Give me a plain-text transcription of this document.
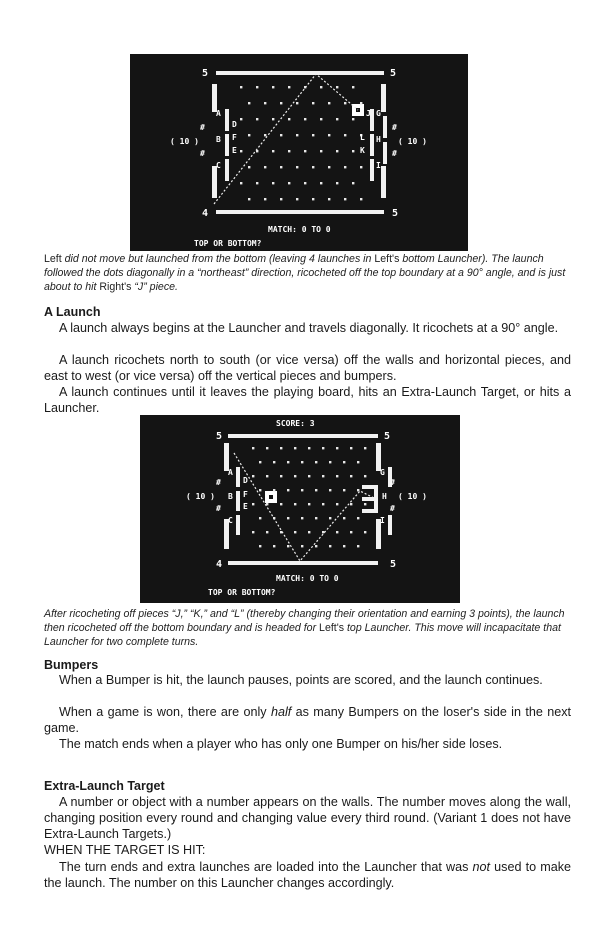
5	5
4	5
( 10 )	( 10 )
#
#
#
#
A
B
C
D
E
F
G
H
I
J
K
L
MATCH: 0 TO 0
TOP OR BOTTOM?
Left did not move but launched from the bottom (leaving 4 launches in Left's bottom Launcher). The launch followed the dots diagonally in a “northeast” direction, ricocheted off the top boundary at a 90° angle, and is just about to hit Right's “J” piece.
A Launch

A launch always begins at the Launcher and travels diagonally. It ricochets at a 90° angle.

A launch ricochets north to south (or vice versa) off the walls and horizontal pieces, and east to west (or vice versa) off the vertical pieces and bumpers.

A launch continues until it leaves the playing board, hits an Extra-Launch Target, or hits a Launcher.

SCORE: 3
5	5
4	5
( 10 )	( 10 )
#
#
#
#
A
B
C
D
E
F
G
H
I
MATCH: 0 TO 0
TOP OR BOTTOM?
After ricocheting off pieces “J,” “K,” and “L” (thereby changing their orientation and earning 3 points), the launch then ricocheted off the bottom boundary and is headed for Left's top Launcher. This move will incapacitate that Launcher for two complete turns.
Bumpers

When a Bumper is hit, the launch pauses, points are scored, and the launch continues.

When a game is won, there are only half as many Bumpers on the loser's side in the next game.

The match ends when a player who has only one Bumper on his/her side loses.

Extra-Launch Target

A number or object with a number appears on the walls. The number moves along the wall, changing position every round and changing value every third round. (Variant 1 does not have Extra-Launch Targets.)

WHEN THE TARGET IS HIT:

The turn ends and extra launches are loaded into the Launcher that was not used to make the launch. The number on this Launcher changes accordingly.
